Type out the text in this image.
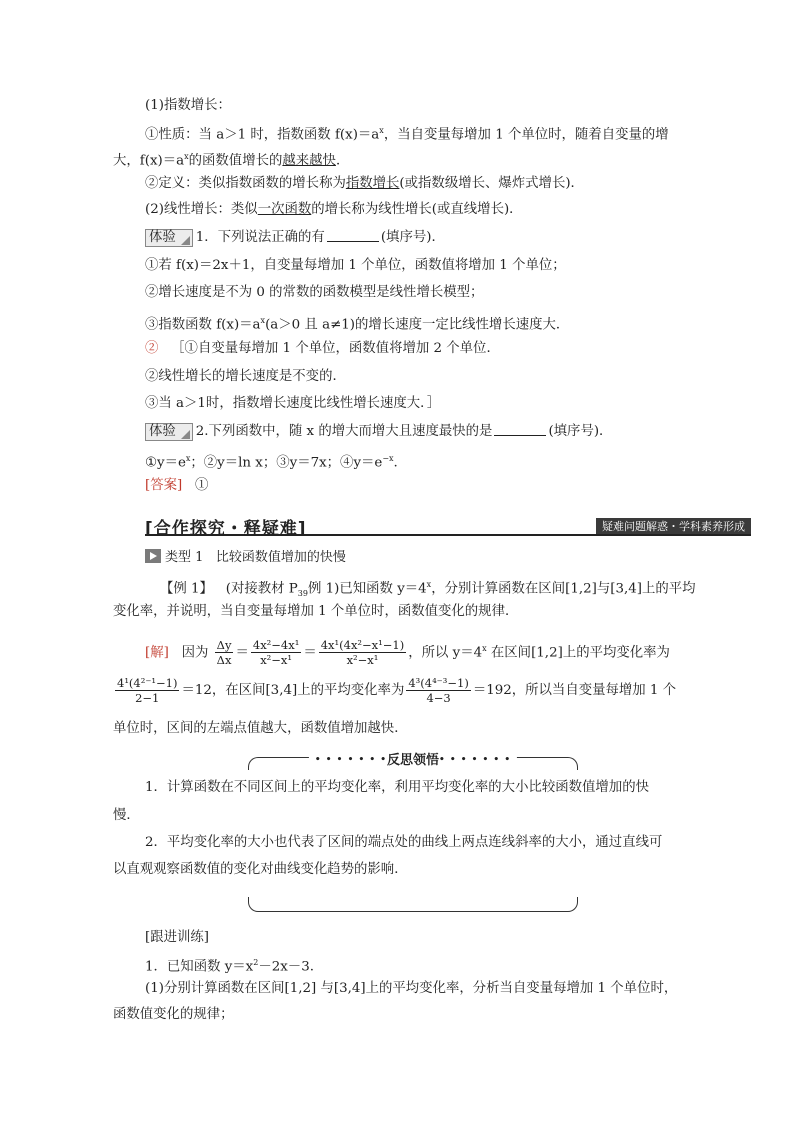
(1)指数增长：
①性质：当 a＞1 时，指数函数 $f(x)=a^x$，当自变量每增加 1 个单位时，随着自变量的增
大，$f(x)=a^x$的函数值增长的越来越快．
②定义：类似指数函数的增长称为指数增长(或指数级增长、爆炸式增长)．
(2)线性增长：类似一次函数的增长称为线性增长(或直线增长)．
体验 1．下列说法正确的有	(填序号)．
①若 f(x)＝2x＋1，自变量每增加 1 个单位，函数值将增加 1 个单位；
②增长速度是不为 0 的常数的函数模型是线性增长模型；
③指数函数 $f(x)=a^x(a>0$ 且 a≠1)的增长速度一定比线性增长速度大．
② ［①自变量每增加 1 个单位，函数值将增加 2 个单位．
②线性增长的增长速度是不变的．
③当 a＞1时，指数增长速度比线性增长速度大．］
体验 2.下列函数中，随 x 的增大而增大且速度最快的是	(填序号)．
$①y=e^x$；②y＝ln x；③y＝7x；$④y=e^{-x}$.
[答案] ①
[合作探究・释疑难]	疑难问题解惑・学科素养形成
类型 1 比较函数值增加的快慢
【例 1】 (对接教材 $P_{39}$例 1)已知函数 $y=4^x$，分别计算函数在区间[1,2]与[3,4]上的平均
变化率，并说明，当自变量每增加 1 个单位时，函数值变化的规律．
[解] 因为 $\frac{\Delta y}{\Delta x} = \frac{\text{4x²−4x¹}}{\text{x²−x¹}} = \frac{\text{4x¹(4x²−x¹−1)}}{\text{x²−x¹}}$ ，所以 $y=4^x$ 在区间[1,2]上的平均变化率为
$\frac{\text{4¹(4²⁻¹−1)}}{2-1} =12$，在区间[3,4]上的平均变化率为 $\frac{\text{4³(4⁴⁻³−1)}}{4-3} =192$，所以当自变量每增加 1 个
单位时，区间的左端点值越大，函数值增加越快．
• • • • • • •反思领悟• • • • • • •
1．计算函数在不同区间上的平均变化率，利用平均变化率的大小比较函数值增加的快
慢．
2．平均变化率的大小也代表了区间的端点处的曲线上两点连线斜率的大小，通过直线可
以直观观察函数值的变化对曲线变化趋势的影响．
[跟进训练]
1．已知函数 $y=x^2-2x-3$.
(1)分别计算函数在区间[1,2] 与[3,4]上的平均变化率，分析当自变量每增加 1 个单位时，
函数值变化的规律；
